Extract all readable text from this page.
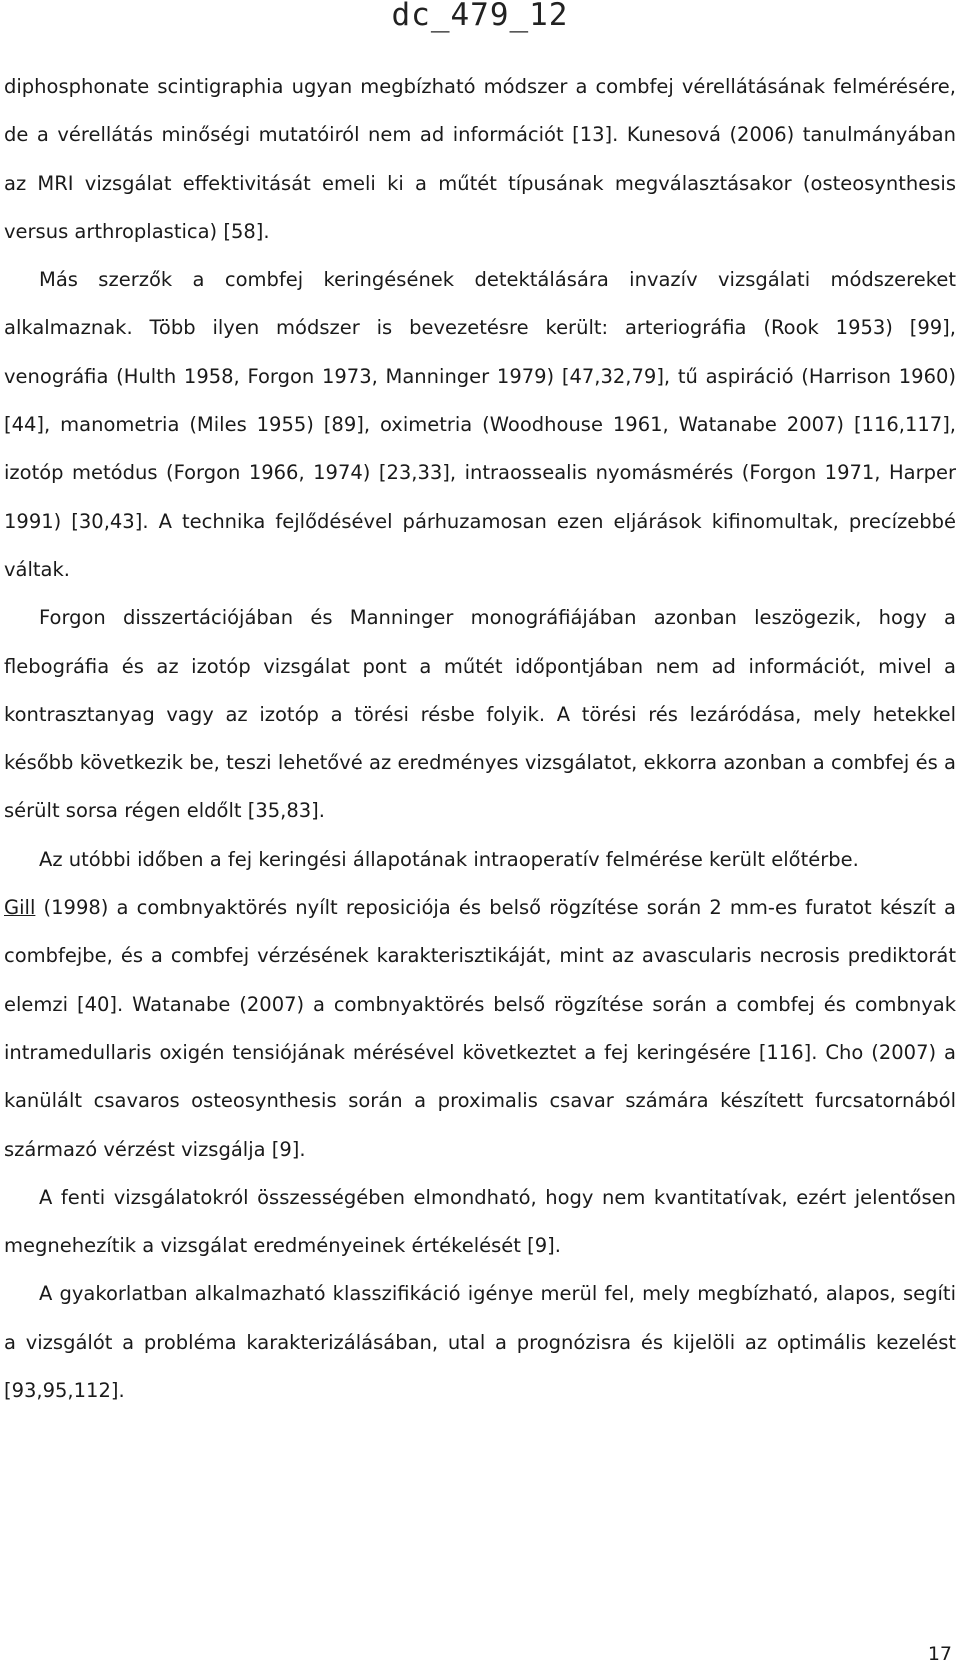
dc_479_12

diphosphonate scintigraphia ugyan megbízható módszer a combfej vérellátásának felmérésére, de a vérellátás minőségi mutatóiról nem ad információt [13]. Kunesová (2006) tanulmányában az MRI vizsgálat effektivitását emeli ki a műtét típusának megválasztásakor (osteosynthesis versus arthroplastica) [58].

Más szerzők a combfej keringésének detektálására invazív vizsgálati módszereket alkalmaznak. Több ilyen módszer is bevezetésre került: arteriográfia (Rook 1953) [99], venográfia (Hulth 1958, Forgon 1973, Manninger 1979) [47,32,79], tű aspiráció (Harrison 1960) [44], manometria (Miles 1955) [89], oximetria (Woodhouse 1961, Watanabe 2007) [116,117], izotóp metódus (Forgon 1966, 1974) [23,33], intraossealis nyomásmérés (Forgon 1971, Harper 1991) [30,43]. A technika fejlődésével párhuzamosan ezen eljárások kifinomultak, precízebbé váltak.

Forgon disszertációjában és Manninger monográfiájában azonban leszögezik, hogy a flebográfia és az izotóp vizsgálat pont a műtét időpontjában nem ad információt, mivel a kontrasztanyag vagy az izotóp a törési résbe folyik. A törési rés lezáródása, mely hetekkel később következik be, teszi lehetővé az eredményes vizsgálatot, ekkorra azonban a combfej és a sérült sorsa régen eldőlt [35,83].

Az utóbbi időben a fej keringési állapotának intraoperatív felmérése került előtérbe.

Gill (1998) a combnyaktörés nyílt reposiciója és belső rögzítése során 2 mm-es furatot készít a combfejbe, és a combfej vérzésének karakterisztikáját, mint az avascularis necrosis prediktorát elemzi [40]. Watanabe (2007) a combnyaktörés belső rögzítése során a combfej és combnyak intramedullaris oxigén tensiójának mérésével következtet a fej keringésére [116]. Cho (2007) a kanülált csavaros osteosynthesis során a proximalis csavar számára készített furcsatornából származó vérzést vizsgálja [9].

A fenti vizsgálatokról összességében elmondható, hogy nem kvantitatívak, ezért jelentősen megnehezítik a vizsgálat eredményeinek értékelését [9].

A gyakorlatban alkalmazható klasszifikáció igénye merül fel, mely megbízható, alapos, segíti a vizsgálót a probléma karakterizálásában, utal a prognózisra és kijelöli az optimális kezelést [93,95,112].

17
